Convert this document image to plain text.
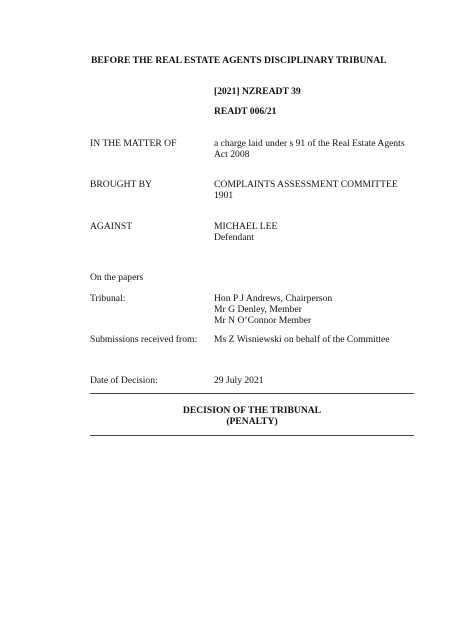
BEFORE THE REAL ESTATE AGENTS DISCIPLINARY TRIBUNAL

[2021] NZREADT 39

READT 006/21

IN THE MATTER OF	a charge laid under s 91 of the Real Estate Agents

Act 2008

BROUGHT BY	COMPLAINTS ASSESSMENT COMMITTEE

1901

AGAINST	MICHAEL LEE

Defendant

On the papers

Tribunal:	Hon P J Andrews, Chairperson

Mr G Denley, Member

Mr N O’Connor Member

Submissions received from: Ms Z Wisniewski on behalf of the Committee

Date of Decision:	29 July 2021

DECISION OF THE TRIBUNAL

(PENALTY)
